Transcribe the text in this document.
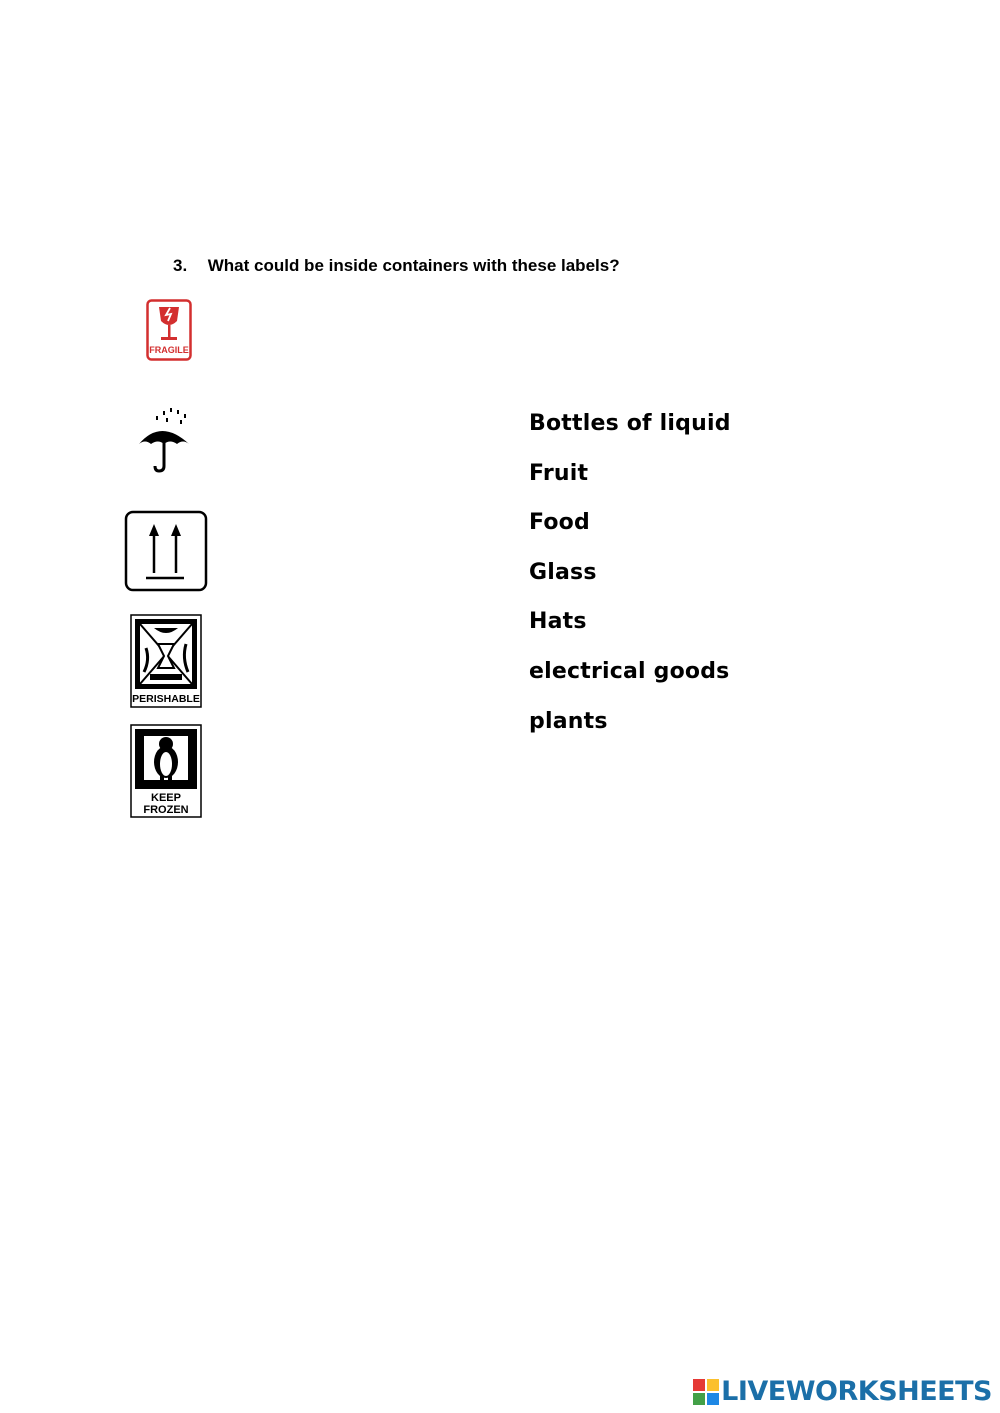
3. What could be inside containers with these labels?
FRAGILE
PERISHABLE
KEEP
FROZEN
Bottles of liquid
Fruit
Food
Glass
Hats
electrical goods
plants
LIVEWORKSHEETS
